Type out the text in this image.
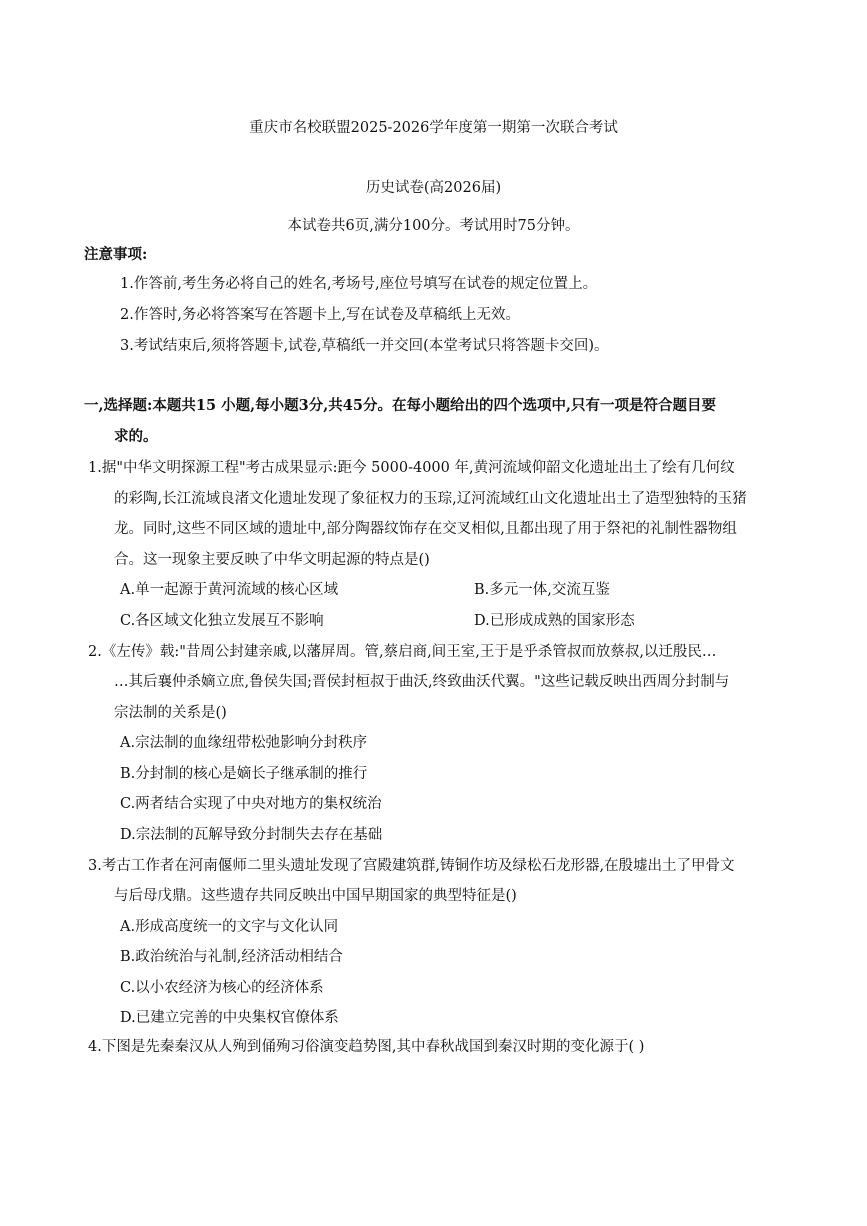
重庆市名校联盟2025-2026学年度第一期第一次联合考试
历史试卷(高2026届)
本试卷共6页,满分100分。考试用时75分钟。
注意事项:
1.作答前,考生务必将自己的姓名,考场号,座位号填写在试卷的规定位置上。
2.作答时,务必将答案写在答题卡上,写在试卷及草稿纸上无效。
3.考试结束后,须将答题卡,试卷,草稿纸一并交回(本堂考试只将答题卡交回)。
一,选择题:本题共15 小题,每小题3分,共45分。在每小题给出的四个选项中,只有一项是符合题目要
求的。
1.据"中华文明探源工程"考古成果显示:距今 5000-4000 年,黄河流域仰韶文化遗址出土了绘有几何纹
的彩陶,长江流域良渚文化遗址发现了象征权力的玉琮,辽河流域红山文化遗址出土了造型独特的玉猪
龙。同时,这些不同区域的遗址中,部分陶器纹饰存在交叉相似,且都出现了用于祭祀的礼制性器物组
合。这一现象主要反映了中华文明起源的特点是()
A.单一起源于黄河流域的核心区域	B.多元一体,交流互鉴
C.各区域文化独立发展互不影响	D.已形成成熟的国家形态
2.《左传》载:"昔周公封建亲戚,以藩屏周。管,蔡启商,间王室,王于是乎杀管叔而放蔡叔,以迁殷民…
…其后襄仲杀嫡立庶,鲁侯失国;晋侯封桓叔于曲沃,终致曲沃代翼。"这些记载反映出西周分封制与
宗法制的关系是()
A.宗法制的血缘纽带松弛影响分封秩序
B.分封制的核心是嫡长子继承制的推行
C.两者结合实现了中央对地方的集权统治
D.宗法制的瓦解导致分封制失去存在基础
3.考古工作者在河南偃师二里头遗址发现了宫殿建筑群,铸铜作坊及绿松石龙形器,在殷墟出土了甲骨文
与后母戊鼎。这些遗存共同反映出中国早期国家的典型特征是()
A.形成高度统一的文字与文化认同
B.政治统治与礼制,经济活动相结合
C.以小农经济为核心的经济体系
D.已建立完善的中央集权官僚体系
4.下图是先秦秦汉从人殉到俑殉习俗演变趋势图,其中春秋战国到秦汉时期的变化源于( )
